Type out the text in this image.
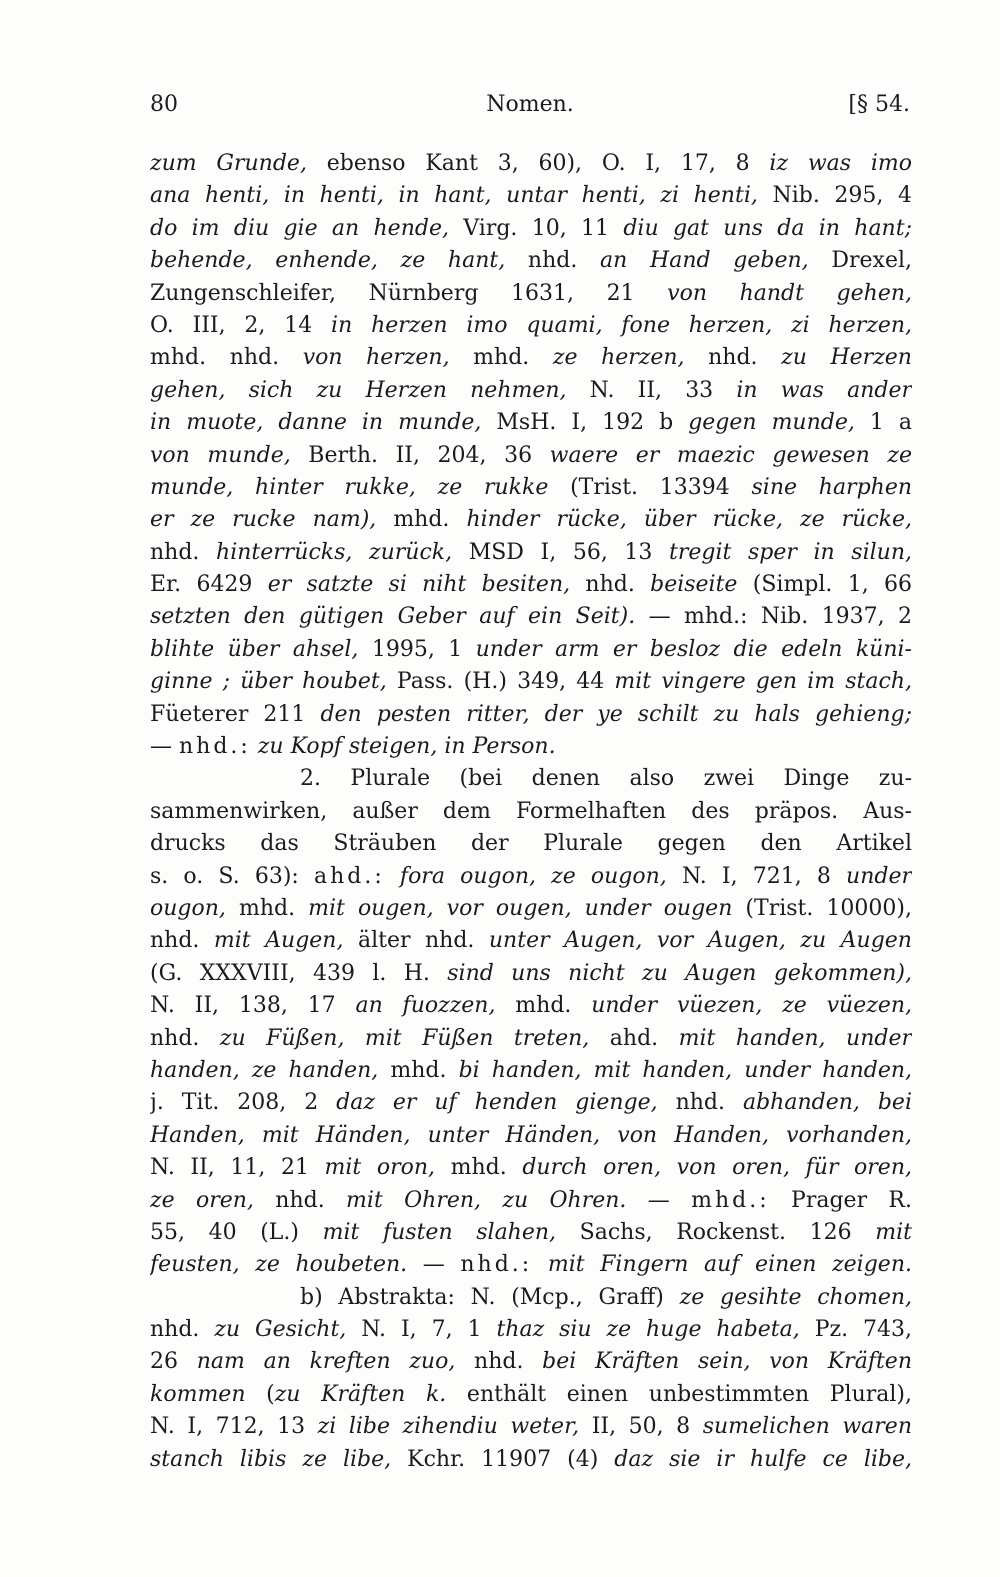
80	Nomen.	[§ 54.
zum Grunde, ebenso Kant 3, 60), O. I, 17, 8 iz was imo
ana henti, in henti, in hant, untar henti, zi henti, Nib. 295, 4
do im diu gie an hende, Virg. 10, 11 diu gat uns da in hant;
behende, enhende, ze hant, nhd. an Hand geben, Drexel,
Zungenschleifer, Nürnberg 1631, 21 von handt gehen,
O. III, 2, 14 in herzen imo quami, fone herzen, zi herzen,
mhd. nhd. von herzen, mhd. ze herzen, nhd. zu Herzen
gehen, sich zu Herzen nehmen, N. II, 33 in was ander
in muote, danne in munde, MsH. I, 192 b gegen munde, 1 a
von munde, Berth. II, 204, 36 waere er maezic gewesen ze
munde, hinter rukke, ze rukke (Trist. 13394 sine harphen
er ze rucke nam), mhd. hinder rücke, über rücke, ze rücke,
nhd. hinterrücks, zurück, MSD I, 56, 13 tregit sper in silun,
Er. 6429 er satzte si niht besiten, nhd. beiseite (Simpl. 1, 66
setzten den gütigen Geber auf ein Seit). — mhd.: Nib. 1937, 2
blihte über ahsel, 1995, 1 under arm er besloz die edeln küni-
ginne ; über houbet, Pass. (H.) 349, 44 mit vingere gen im stach,
Füeterer 211 den pesten ritter, der ye schilt zu hals gehieng;
— nhd.: zu Kopf steigen, in Person.
2. Plurale (bei denen also zwei Dinge zu-
sammenwirken, außer dem Formelhaften des präpos. Aus-
drucks das Sträuben der Plurale gegen den Artikel
s. o. S. 63): ahd.: fora ougon, ze ougon, N. I, 721, 8 under
ougon, mhd. mit ougen, vor ougen, under ougen (Trist. 10000),
nhd. mit Augen, älter nhd. unter Augen, vor Augen, zu Augen
(G. XXXVIII, 439 l. H. sind uns nicht zu Augen gekommen),
N. II, 138, 17 an fuozzen, mhd. under vüezen, ze vüezen,
nhd. zu Füßen, mit Füßen treten, ahd. mit handen, under
handen, ze handen, mhd. bi handen, mit handen, under handen,
j. Tit. 208, 2 daz er uf henden gienge, nhd. abhanden, bei
Handen, mit Händen, unter Händen, von Handen, vorhanden,
N. II, 11, 21 mit oron, mhd. durch oren, von oren, für oren,
ze oren, nhd. mit Ohren, zu Ohren. — mhd.: Prager R.
55, 40 (L.) mit fusten slahen, Sachs, Rockenst. 126 mit
feusten, ze houbeten. — nhd.: mit Fingern auf einen zeigen.
b) Abstrakta: N. (Mcp., Graff) ze gesihte chomen,
nhd. zu Gesicht, N. I, 7, 1 thaz siu ze huge habeta, Pz. 743,
26 nam an kreften zuo, nhd. bei Kräften sein, von Kräften
kommen (zu Kräften k. enthält einen unbestimmten Plural),
N. I, 712, 13 zi libe zihendiu weter, II, 50, 8 sumelichen waren
stanch libis ze libe, Kchr. 11907 (4) daz sie ir hulfe ce libe,
